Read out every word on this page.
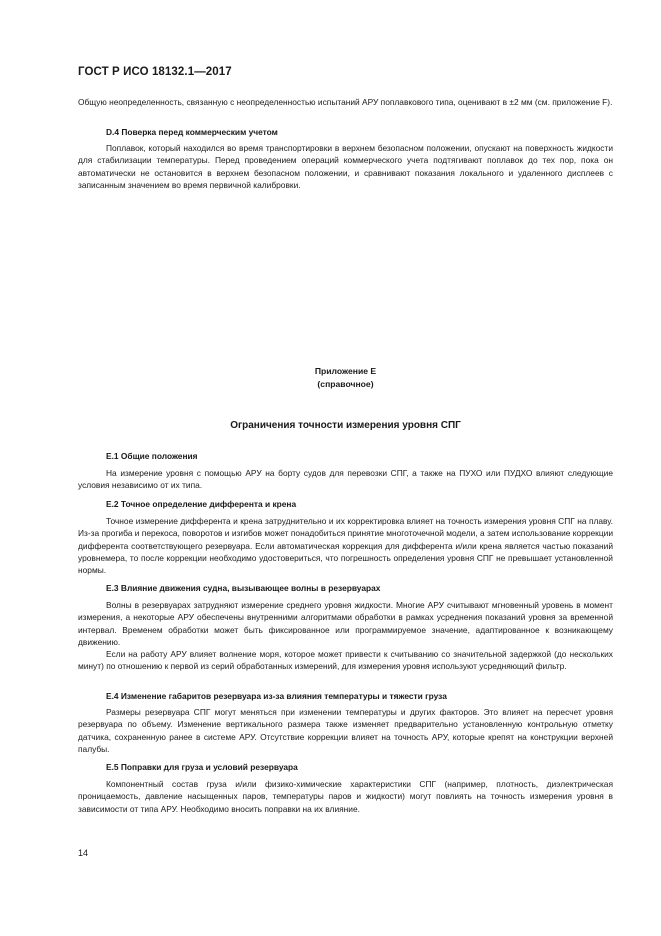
ГОСТ Р ИСО 18132.1—2017

Общую неопределенность, связанную с неопределенностью испытаний АРУ поплавкового типа, оценивают в ±2 мм (см. приложение F).

D.4 Поверка перед коммерческим учетом

Поплавок, который находился во время транспортировки в верхнем безопасном положении, опускают на поверхность жидкости для стабилизации температуры. Перед проведением операций коммерческого учета подтягивают поплавок до тех пор, пока он автоматически не остановится в верхнем безопасном положении, и сравнивают показания локального и удаленного дисплеев с записанным значением во время первичной калибровки.

Приложение Е
(справочное)
Ограничения точности измерения уровня СПГ
Е.1 Общие положения

На измерение уровня с помощью АРУ на борту судов для перевозки СПГ, а также на ПУХО или ПУДХО влияют следующие условия независимо от их типа.

Е.2 Точное определение дифферента и крена

Точное измерение дифферента и крена затруднительно и их корректировка влияет на точность измерения уровня СПГ на плаву. Из-за прогиба и перекоса, поворотов и изгибов может понадобиться принятие многоточечной модели, а затем использование коррекции дифферента соответствующего резервуара. Если автоматическая коррекция для дифферента и/или крена является частью показаний уровнемера, то после коррекции необходимо удостовериться, что погрешность определения уровня СПГ не превышает установленной нормы.

Е.3 Влияние движения судна, вызывающее волны в резервуарах

Волны в резервуарах затрудняют измерение среднего уровня жидкости. Многие АРУ считывают мгновенный уровень в момент измерения, а некоторые АРУ обеспечены внутренними алгоритмами обработки в рамках усреднения показаний уровня за временной интервал. Временем обработки может быть фиксированное или программируемое значение, адаптированное к возникающему движению.

Если на работу АРУ влияет волнение моря, которое может привести к считыванию со значительной задержкой (до нескольких минут) по отношению к первой из серий обработанных измерений, для измерения уровня используют усредняющий фильтр.

Е.4 Изменение габаритов резервуара из-за влияния температуры и тяжести груза

Размеры резервуара СПГ могут меняться при изменении температуры и других факторов. Это влияет на пересчет уровня резервуара по объему. Изменение вертикального размера также изменяет предварительно установленную контрольную отметку датчика, сохраненную ранее в системе АРУ. Отсутствие коррекции влияет на точность АРУ, которые крепят на конструкции верхней палубы.

Е.5 Поправки для груза и условий резервуара

Компонентный состав груза и/или физико-химические характеристики СПГ (например, плотность, диэлектрическая проницаемость, давление насыщенных паров, температуры паров и жидкости) могут повлиять на точность измерения уровня в зависимости от типа АРУ. Необходимо вносить поправки на их влияние.

14
